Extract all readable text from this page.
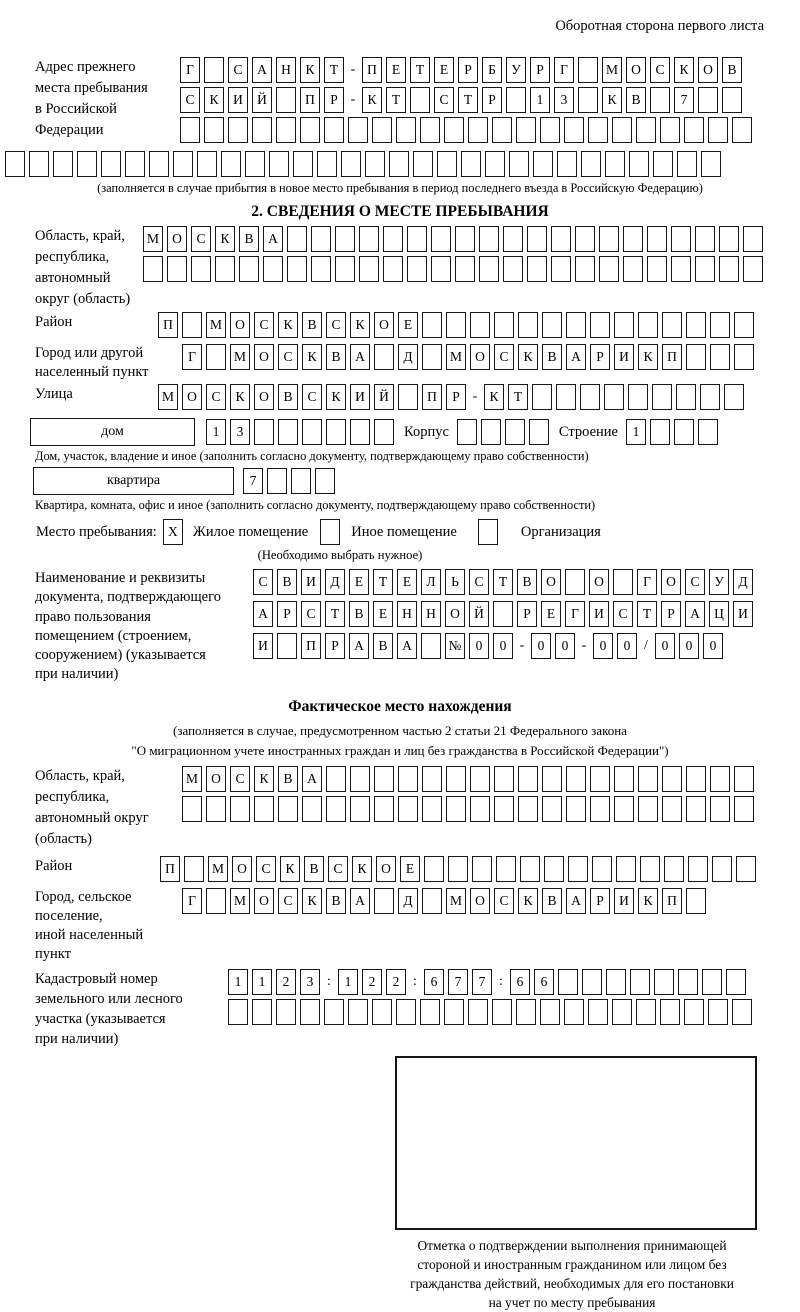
Оборотная сторона первого листа
Адрес прежнего
места пребывания
в Российской
Федерации
Г	С	А	Н	К	Т - П	Е	Т	Е	Р	Б	У	Р	Г	М О	С	К	О	В
С	К	И	Й	П	Р - К	Т	С	Т	Р	1	3	К	В	7
(заполняется в случае прибытия в новое место пребывания в период последнего въезда в Российскую Федерацию)
2. СВЕДЕНИЯ О МЕСТЕ ПРЕБЫВАНИЯ
Область, край,
республика,
автономный
округ (область)
М О	С	К	В	А
Район	П	М О	С	К	В	С	К	О	Е
Город или другой
населенный пункт
Г	М О	С	К	В	А	Д	М О	С	К	В	А	Р	И	К	П
Улица	М О	С	К	О	В	С	К	И	Й	П	Р - К	Т
дом	1	3	Корпус	Строение	1
Дом, участок, владение и иное (заполнить согласно документу, подтверждающему право собственности)
квартира	7
Квартира, комната, офис и иное (заполнить согласно документу, подтверждающему право собственности)
Место пребывания: X	Жилое помещение	Иное помещение	Организация
(Необходимо выбрать нужное)
Наименование и реквизиты
документа, подтверждающего
право пользования
помещением (строением,
сооружением) (указывается
при наличии)
С	В	И	Д	Е	Т	Е	Л	Ь	С	Т	В	О	О	Г	О	С	У	Д
А	Р	С	Т	В	Е	Н	Н	О	Й	Р	Е	Г	И	С	Т	Р	А	Ц	И
И	П	Р	А	В	А	№	0	0 - 0	0 - 0	0 /	0	0	0
Фактическое место нахождения
(заполняется в случае, предусмотренном частью 2 статьи 21 Федерального закона
"О миграционном учете иностранных граждан и лиц без гражданства в Российской Федерации")
Область, край,
республика,
автономный округ
(область)
М О	С	К	В	А
Район	П	М О	С	К	В	С	К	О	Е
Город, сельское поселение,
иной населенный пункт
Г	М О	С	К	В	А	Д	М О	С	К	В	А	Р	И	К	П
Кадастровый номер
земельного или лесного
участка (указывается
при наличии)
1	1	2	3 :	1	2	2 :	6	7	7 :	6	6
Отметка о подтверждении выполнения принимающей
стороной и иностранным гражданином или лицом без
гражданства действий, необходимых для его постановки
на учет по месту пребывания
